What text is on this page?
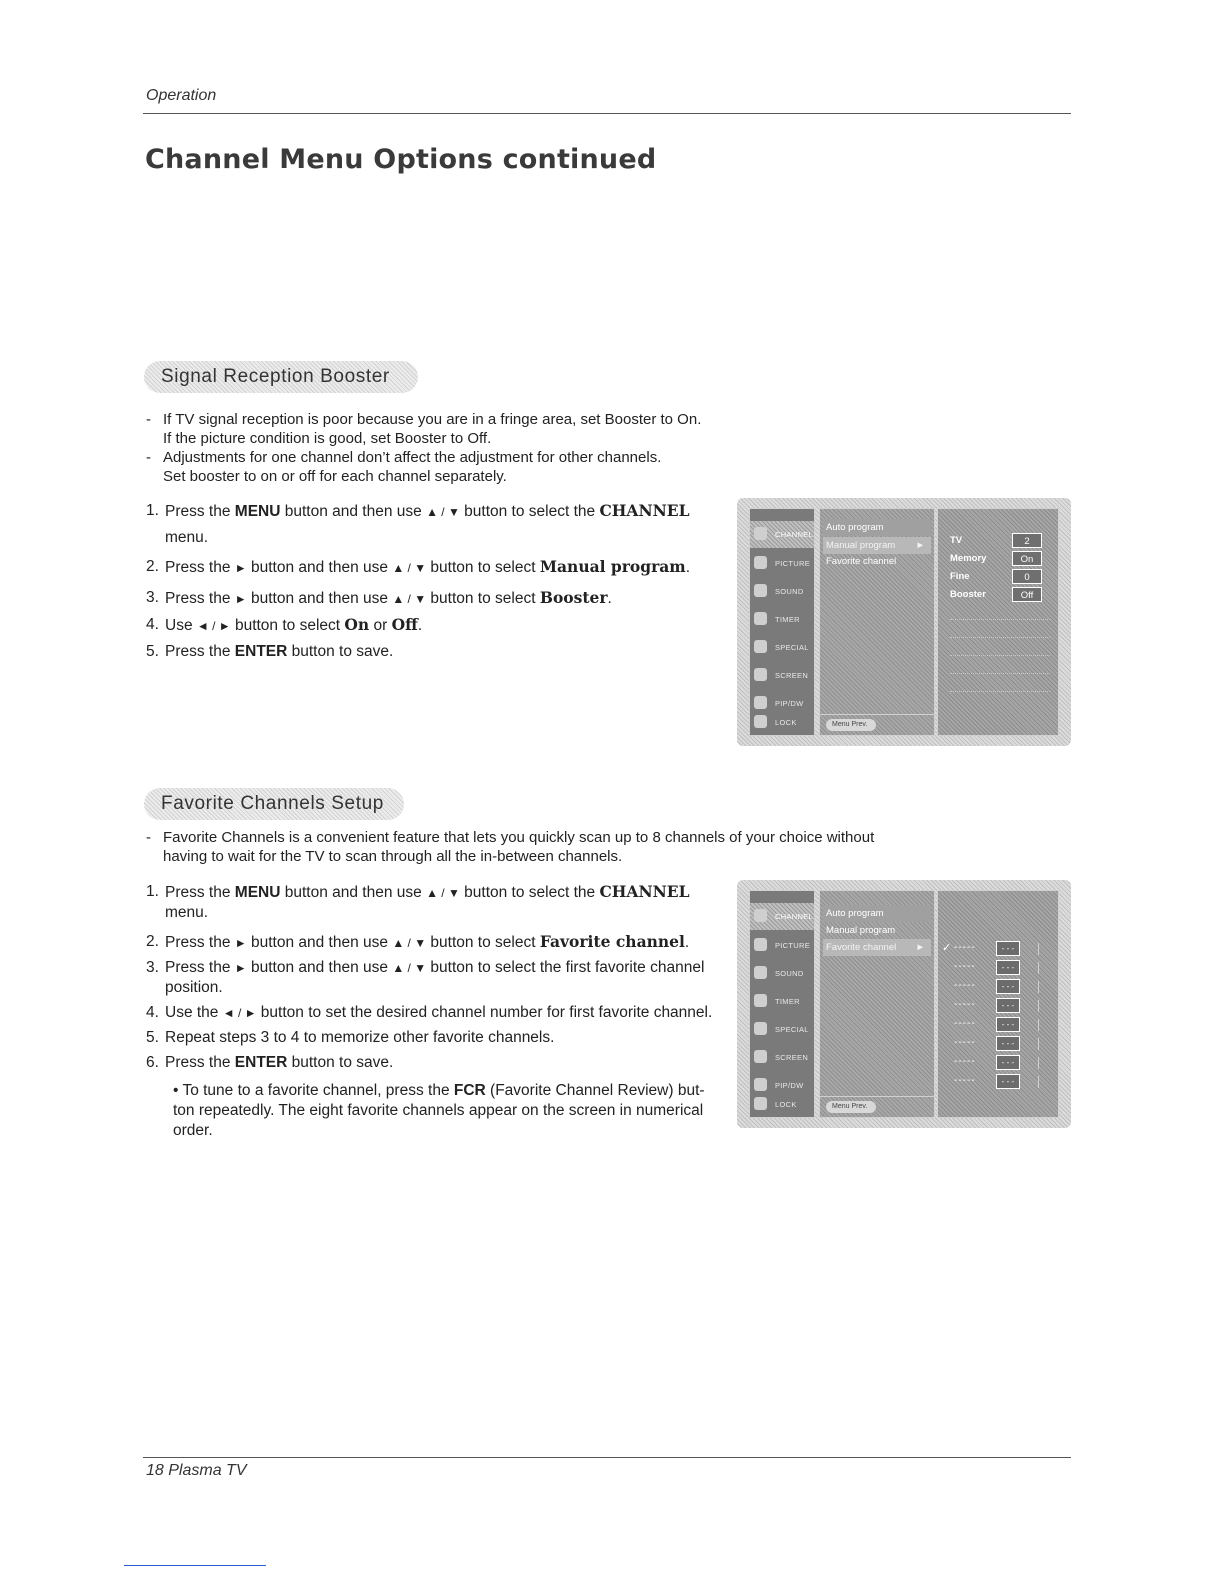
Operation
Channel Menu Options continued
Signal Reception Booster
- If TV signal reception is poor because you are in a fringe area, set Booster to On.
If the picture condition is good, set Booster to Off.
- Adjustments for one channel don’t affect the adjustment for other channels.
Set booster to on or off for each channel separately.
1. Press the MENU button and then use ▲ / ▼ button to select the CHANNEL menu.
2. Press the ► button and then use ▲ / ▼ button to select Manual program.
3. Press the ► button and then use ▲ / ▼ button to select Booster.
4. Use ◄ / ► button to select On or Off.
5. Press the ENTER button to save.
CHANNEL
PICTURE
SOUND
TIMER
SPECIAL
SCREEN
PIP/DW
LOCK
Auto program
Manual program ►
Favorite channel
Menu Prev.
TV	2
Memory	On
Fine	0
Booster	Off
Favorite Channels Setup
- Favorite Channels is a convenient feature that lets you quickly scan up to 8 channels of your choice without
having to wait for the TV to scan through all the in-between channels.
1. Press the MENU button and then use ▲ / ▼ button to select the CHANNEL menu.
2. Press the ► button and then use ▲ / ▼ button to select Favorite channel.
3. Press the ► button and then use ▲ / ▼ button to select the first favorite channel position.
4. Use the ◄ / ► button to set the desired channel number for first favorite channel.
5. Repeat steps 3 to 4 to memorize other favorite channels.
6. Press the ENTER button to save.
• To tune to a favorite channel, press the FCR (Favorite Channel Review) but-ton repeatedly. The eight favorite channels appear on the screen in numerical order.
CHANNEL
PICTURE
SOUND
TIMER
SPECIAL
SCREEN
PIP/DW
LOCK
Auto program
Manual program
Favorite channel ►
Menu Prev.
✓ -----	- - -
-----	- - -
-----	- - -
-----	- - -
-----	- - -
-----	- - -
-----	- - -
-----	- - -
18 Plasma TV
